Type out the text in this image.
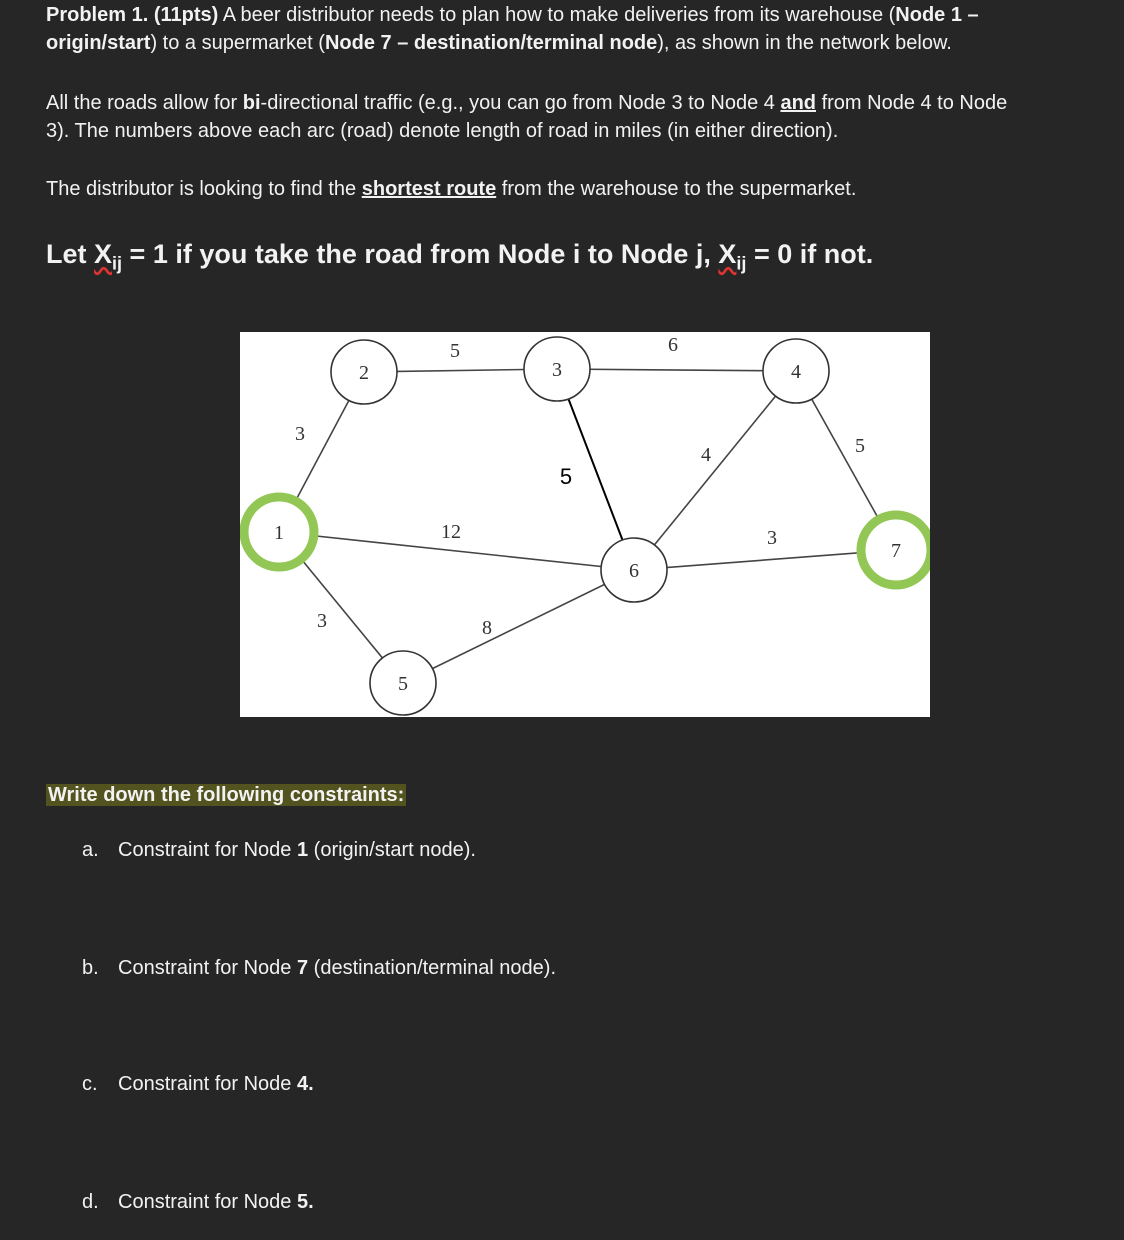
Problem 1. (11pts) A beer distributor needs to plan how to make deliveries from its warehouse (Node 1 –

origin/start) to a supermarket (Node 7 – destination/terminal node), as shown in the network below.

All the roads allow for bi-directional traffic (e.g., you can go from Node 3 to Node 4 and from Node 4 to Node

3). The numbers above each arc (road) denote length of road in miles (in either direction).

The distributor is looking to find the shortest route from the warehouse to the supermarket.

Let $X_{ij} = 1$ if you take the road from Node i to Node j, $X_{ij} = 0$ if not.

3
5	6
5
4	5
12	3
3	8
1
2	3	4
5
6
7

Write down the following constraints:

a. Constraint for Node 1 (origin/start node).
b. Constraint for Node 7 (destination/terminal node).
c. Constraint for Node 4.
d. Constraint for Node 5.
